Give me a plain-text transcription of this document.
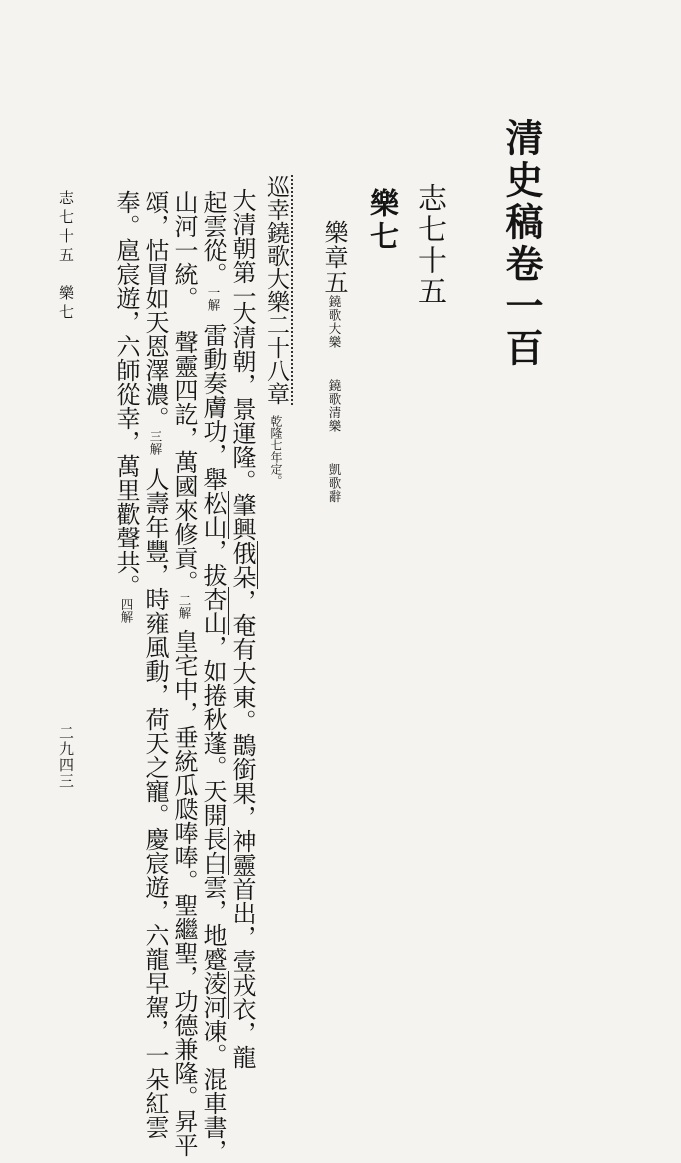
清史稿卷一百
志七十五
樂七
樂章五鐃歌大樂鐃歌清樂凱歌辭
巡幸鐃歌大樂二十八章乾隆七年定。
大清朝第一
大清朝，景運隆。肇興俄朵，奄有大東。鵲銜果，神靈首出，壹戎衣，龍
起雲從。一解雷動奏膚功，舉松山，拔杏山，如捲秋蓬。天開長白雲，地蹙淩河凍。混車書，
山河一統。聲靈四訖，萬國來修貢。二解皇宅中，垂統瓜瓞唪唪。聖繼聖，功德兼隆。昇平
頌，怙冒如天恩澤濃。三解人壽年豐，時雍風動，荷天之寵。慶宸遊，六龍早駕，一朵紅雲
奉。扈宸遊，六師從幸，萬里歡聲共。四解
志七十五　樂七
二九四三
